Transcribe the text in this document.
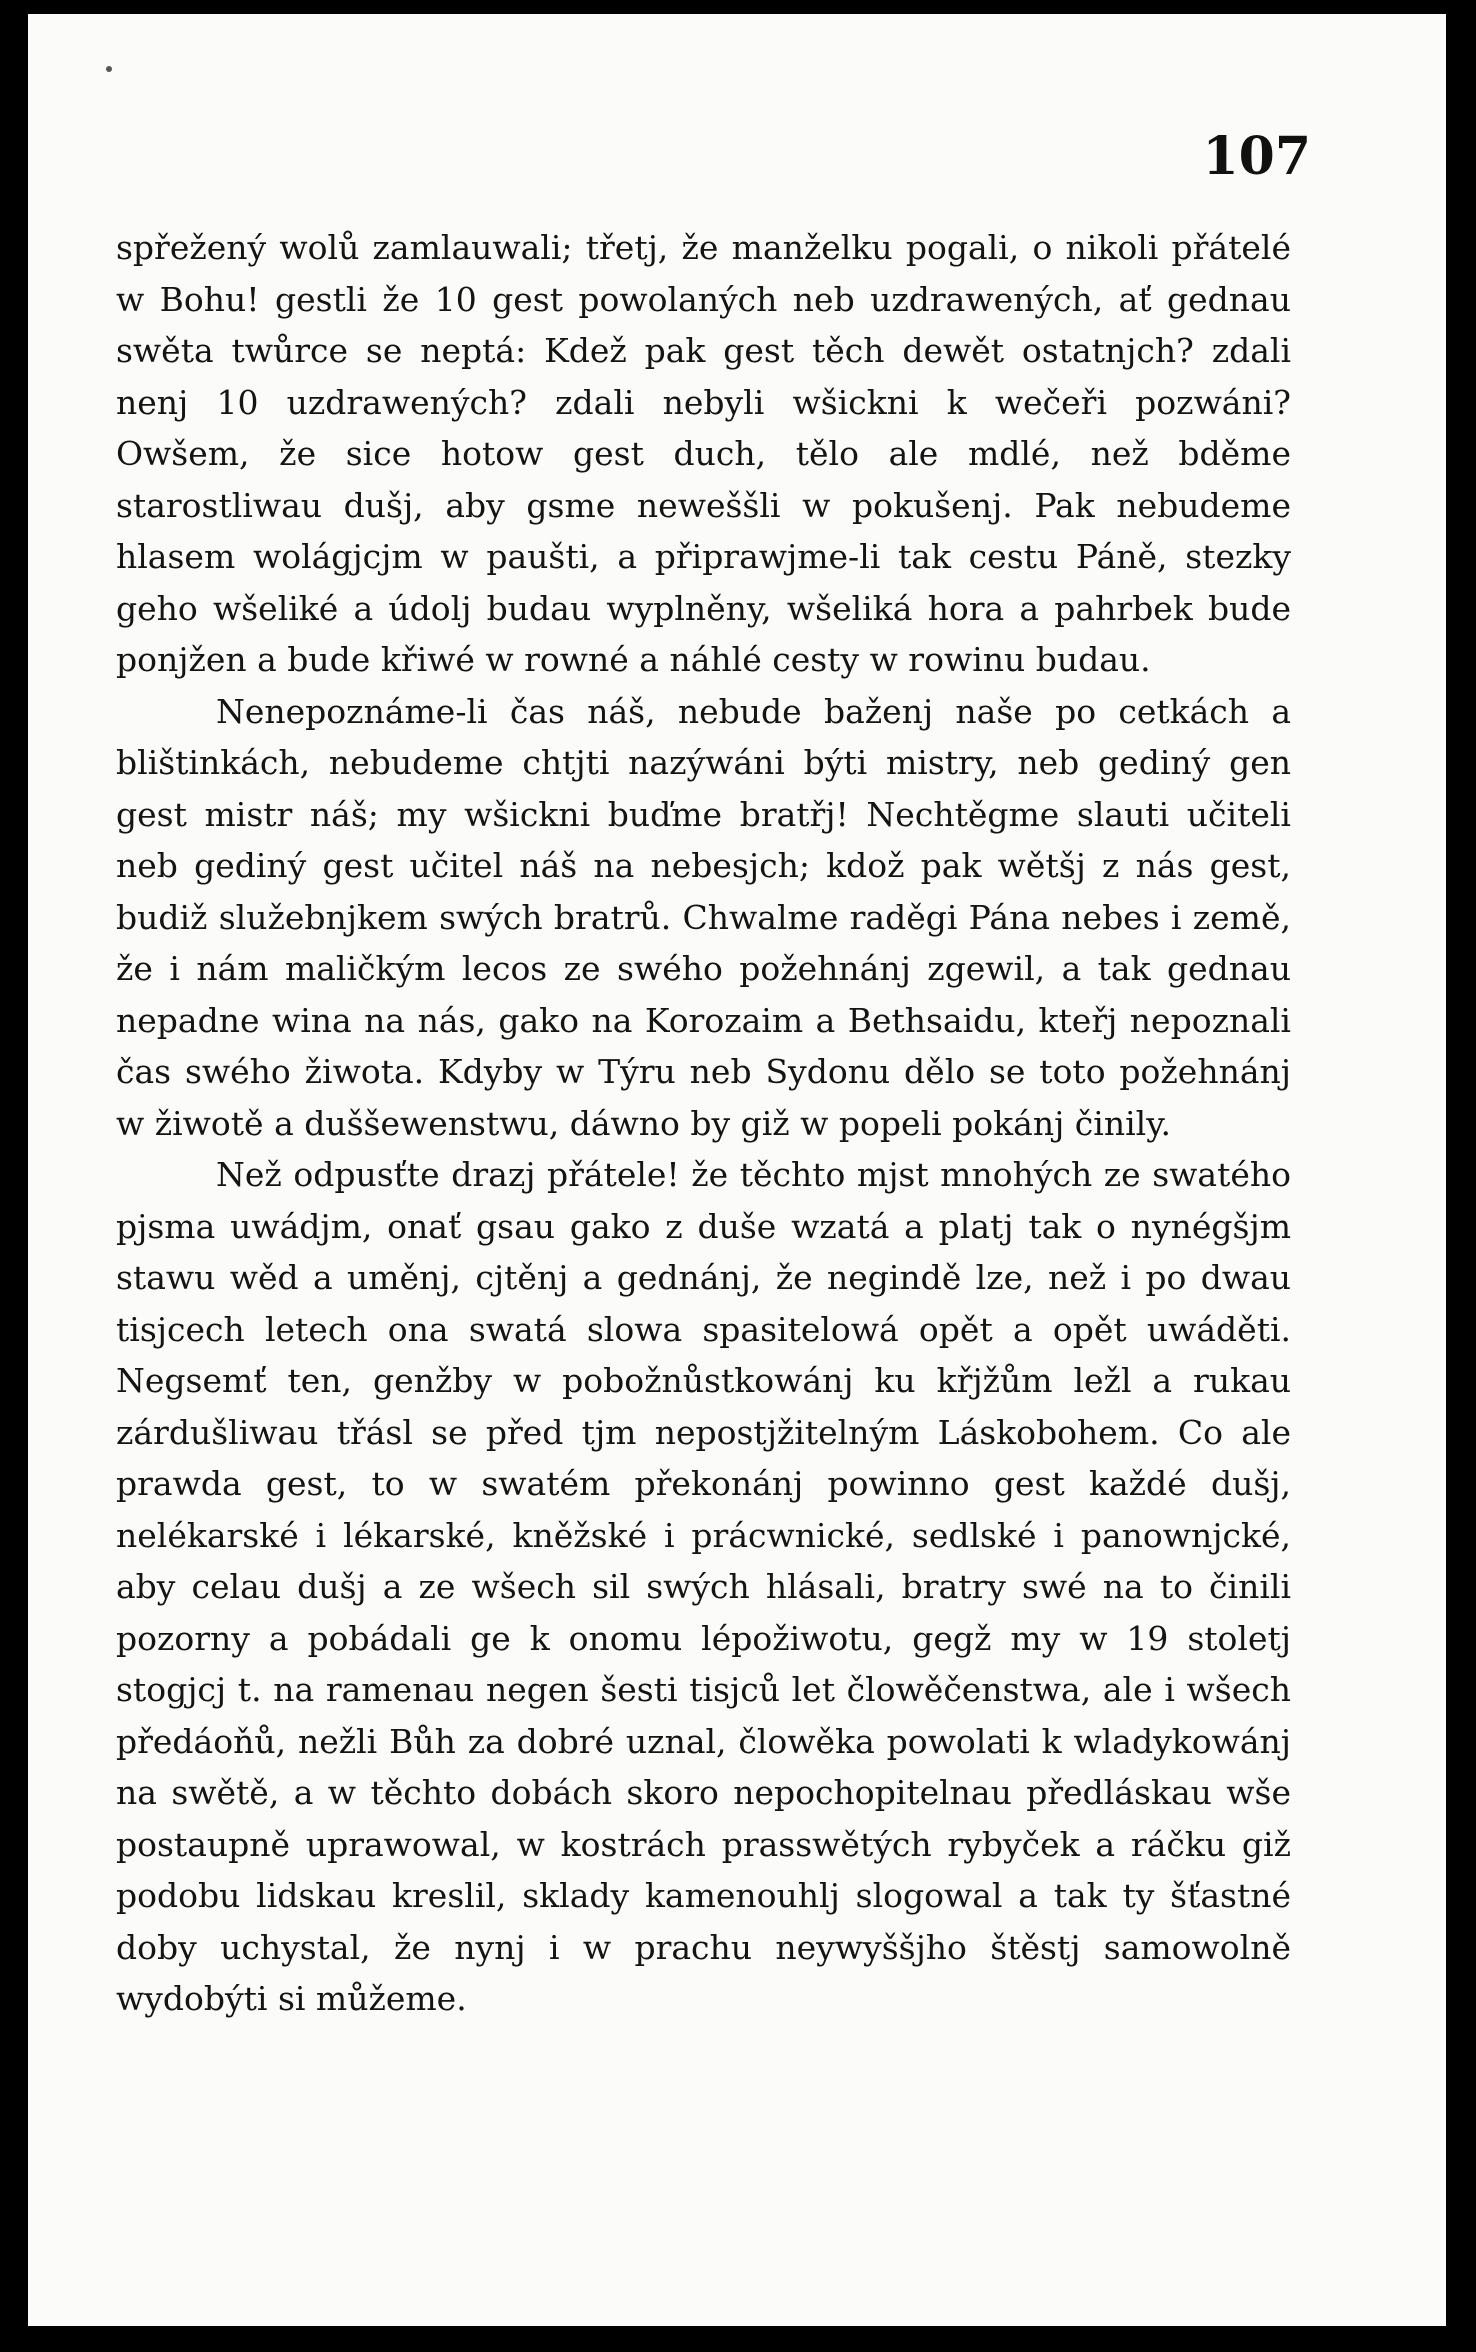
107

spřežený wolů zamlauwali; třetj, že manželku pogali, o nikoli přátelé w Bohu! gestli že 10 gest powolaných neb uzdrawených, ať gednau swěta twůrce se neptá: Kdež pak gest těch dewět ostatnjch? zdali nenj 10 uzdrawených? zdali nebyli wšickni k wečeři pozwáni? Owšem, že sice hotow gest duch, tělo ale mdlé, než bděme starostliwau dušj, aby gsme neweššli w pokušenj. Pak nebudeme hlasem wolágjcjm w paušti, a připrawjme-li tak cestu Páně, stezky geho wšeliké a údolj budau wyplněny, wšeliká hora a pahrbek bude ponjžen a bude křiwé w rowné a náhlé cesty w rowinu budau.

Nenepoznáme-li čas náš, nebude baženj naše po cetkách a blištinkách, nebudeme chtjti nazýwáni býti mistry, neb gediný gen gest mistr náš; my wšickni buďme bratřj! Nechtěgme slauti učiteli neb gediný gest učitel náš na nebesjch; kdož pak wětšj z nás gest, budiž služebnjkem swých bratrů. Chwalme raděgi Pána nebes i země, že i nám maličkým lecos ze swého požehnánj zgewil, a tak gednau nepadne wina na nás, gako na Korozaim a Bethsaidu, kteřj nepoznali čas swého žiwota. Kdyby w Týru neb Sydonu dělo se toto požehnánj w žiwotě a duššewenstwu, dáwno by giž w popeli pokánj činily.

Než odpusťte drazj přátele! že těchto mjst mnohých ze swatého pjsma uwádjm, onať gsau gako z duše wzatá a platj tak o nynégšjm stawu wěd a uměnj, cjtěnj a gednánj, že negindě lze, než i po dwau tisjcech letech ona swatá slowa spasitelowá opět a opět uwáděti. Negsemť ten, genžby w pobožnůstkowánj ku křjžům ležl a rukau zárdušliwau třásl se před tjm nepostjžitelným Láskobohem. Co ale prawda gest, to w swatém překonánj powinno gest každé dušj, nelékarské i lékarské, kněžské i prácwnické, sedlské i panownjcké, aby celau dušj a ze wšech sil swých hlásali, bratry swé na to činili pozorny a pobádali ge k onomu lépožiwotu, gegž my w 19 stoletj stogjcj t. na ramenau negen šesti tisjců let člowěčenstwa, ale i wšech předáoňů, nežli Bůh za dobré uznal, člowěka powolati k wladykowánj na swětě, a w těchto dobách skoro nepochopitelnau předláskau wše postaupně uprawowal, w kostrách prasswětých rybyček a ráčku giž podobu lidskau kreslil, sklady kamenouhlj slogowal a tak ty šťastné doby uchystal, že nynj i w prachu neywyššjho štěstj samowolně wydobýti si můžeme.
